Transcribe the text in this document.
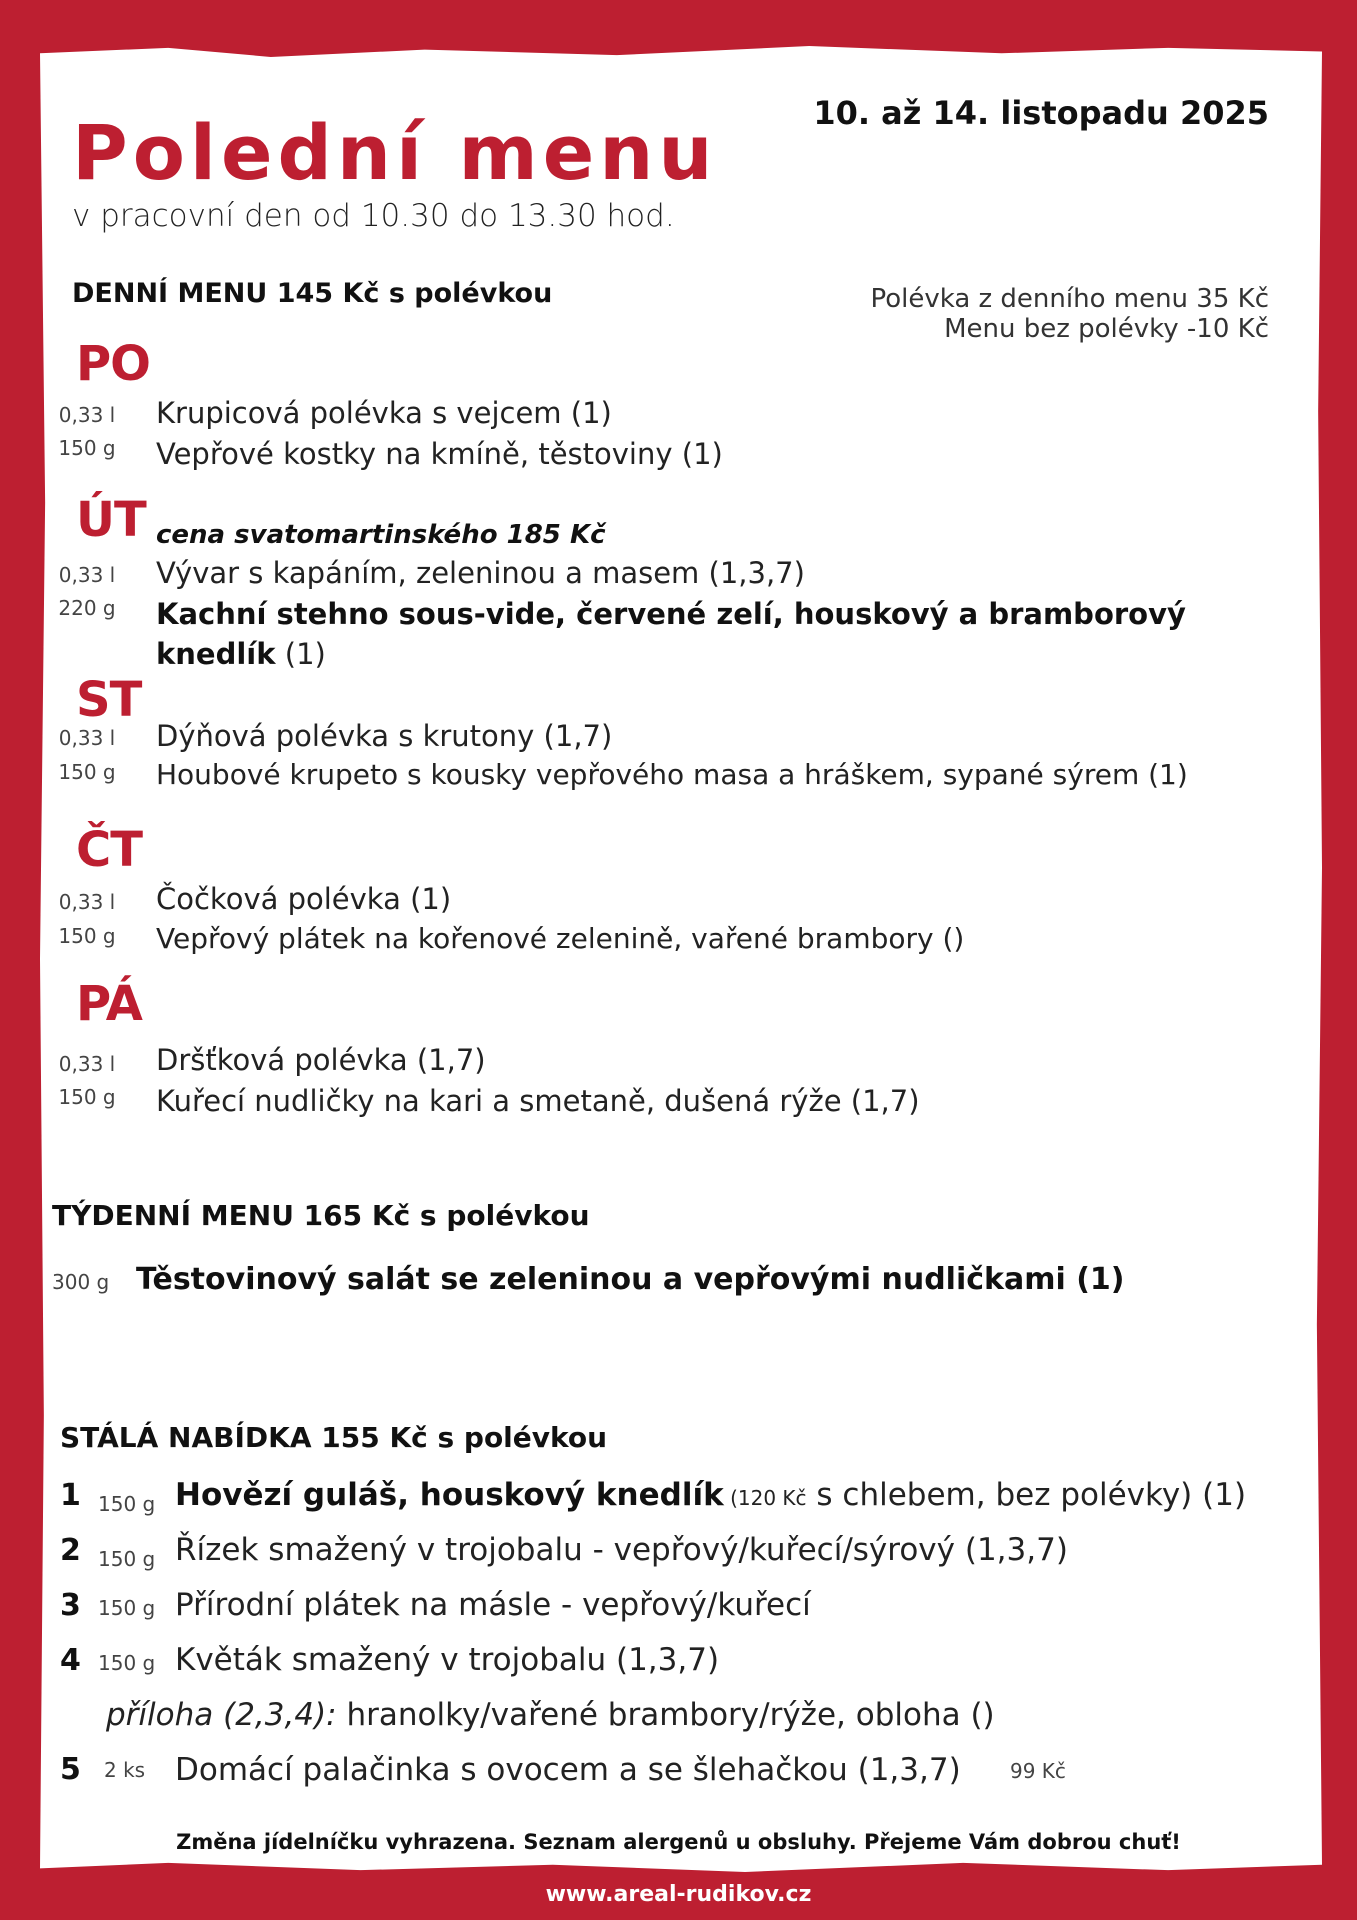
Polední menu
v pracovní den od 10.30 do 13.30 hod.
10. až 14. listopadu 2025
DENNÍ MENU 145 Kč s polévkou	Polévka z denního menu 35 Kč
Menu bez polévky -10 Kč
PO
0,33 l Krupicová polévka s vejcem (1)
150 g Vepřové kostky na kmíně, těstoviny (1)
ÚT cena svatomartinského 185 Kč
0,33 l Vývar s kapáním, zeleninou a masem (1,3,7)
220 g Kachní stehno sous-vide, červené zelí, houskový a bramborový
knedlík (1)
ST
0,33 l Dýňová polévka s krutony (1,7)
150 g Houbové krupeto s kousky vepřového masa a hráškem, sypané sýrem (1)
ČT
0,33 l Čočková polévka (1)
150 g Vepřový plátek na kořenové zelenině, vařené brambory ()
PÁ
0,33 l Dršťková polévka (1,7)
150 g Kuřecí nudličky na kari a smetaně, dušená rýže (1,7)
TÝDENNÍ MENU 165 Kč s polévkou
300 g Těstovinový salát se zeleninou a vepřovými nudličkami (1)
STÁLÁ NABÍDKA 155 Kč s polévkou
1 150 g Hovězí guláš, houskový knedlík (120 Kč s chlebem, bez polévky) (1)
2 150 g Řízek smažený v trojobalu - vepřový/kuřecí/sýrový (1,3,7)
3 150 g Přírodní plátek na másle - vepřový/kuřecí
4 150 g Květák smažený v trojobalu (1,3,7)
příloha (2,3,4): hranolky/vařené brambory/rýže, obloha ()
5 2 ks Domácí palačinka s ovocem a se šlehačkou (1,3,7) 99 Kč
Změna jídelníčku vyhrazena. Seznam alergenů u obsluhy. Přejeme Vám dobrou chuť!
www.areal-rudikov.cz
